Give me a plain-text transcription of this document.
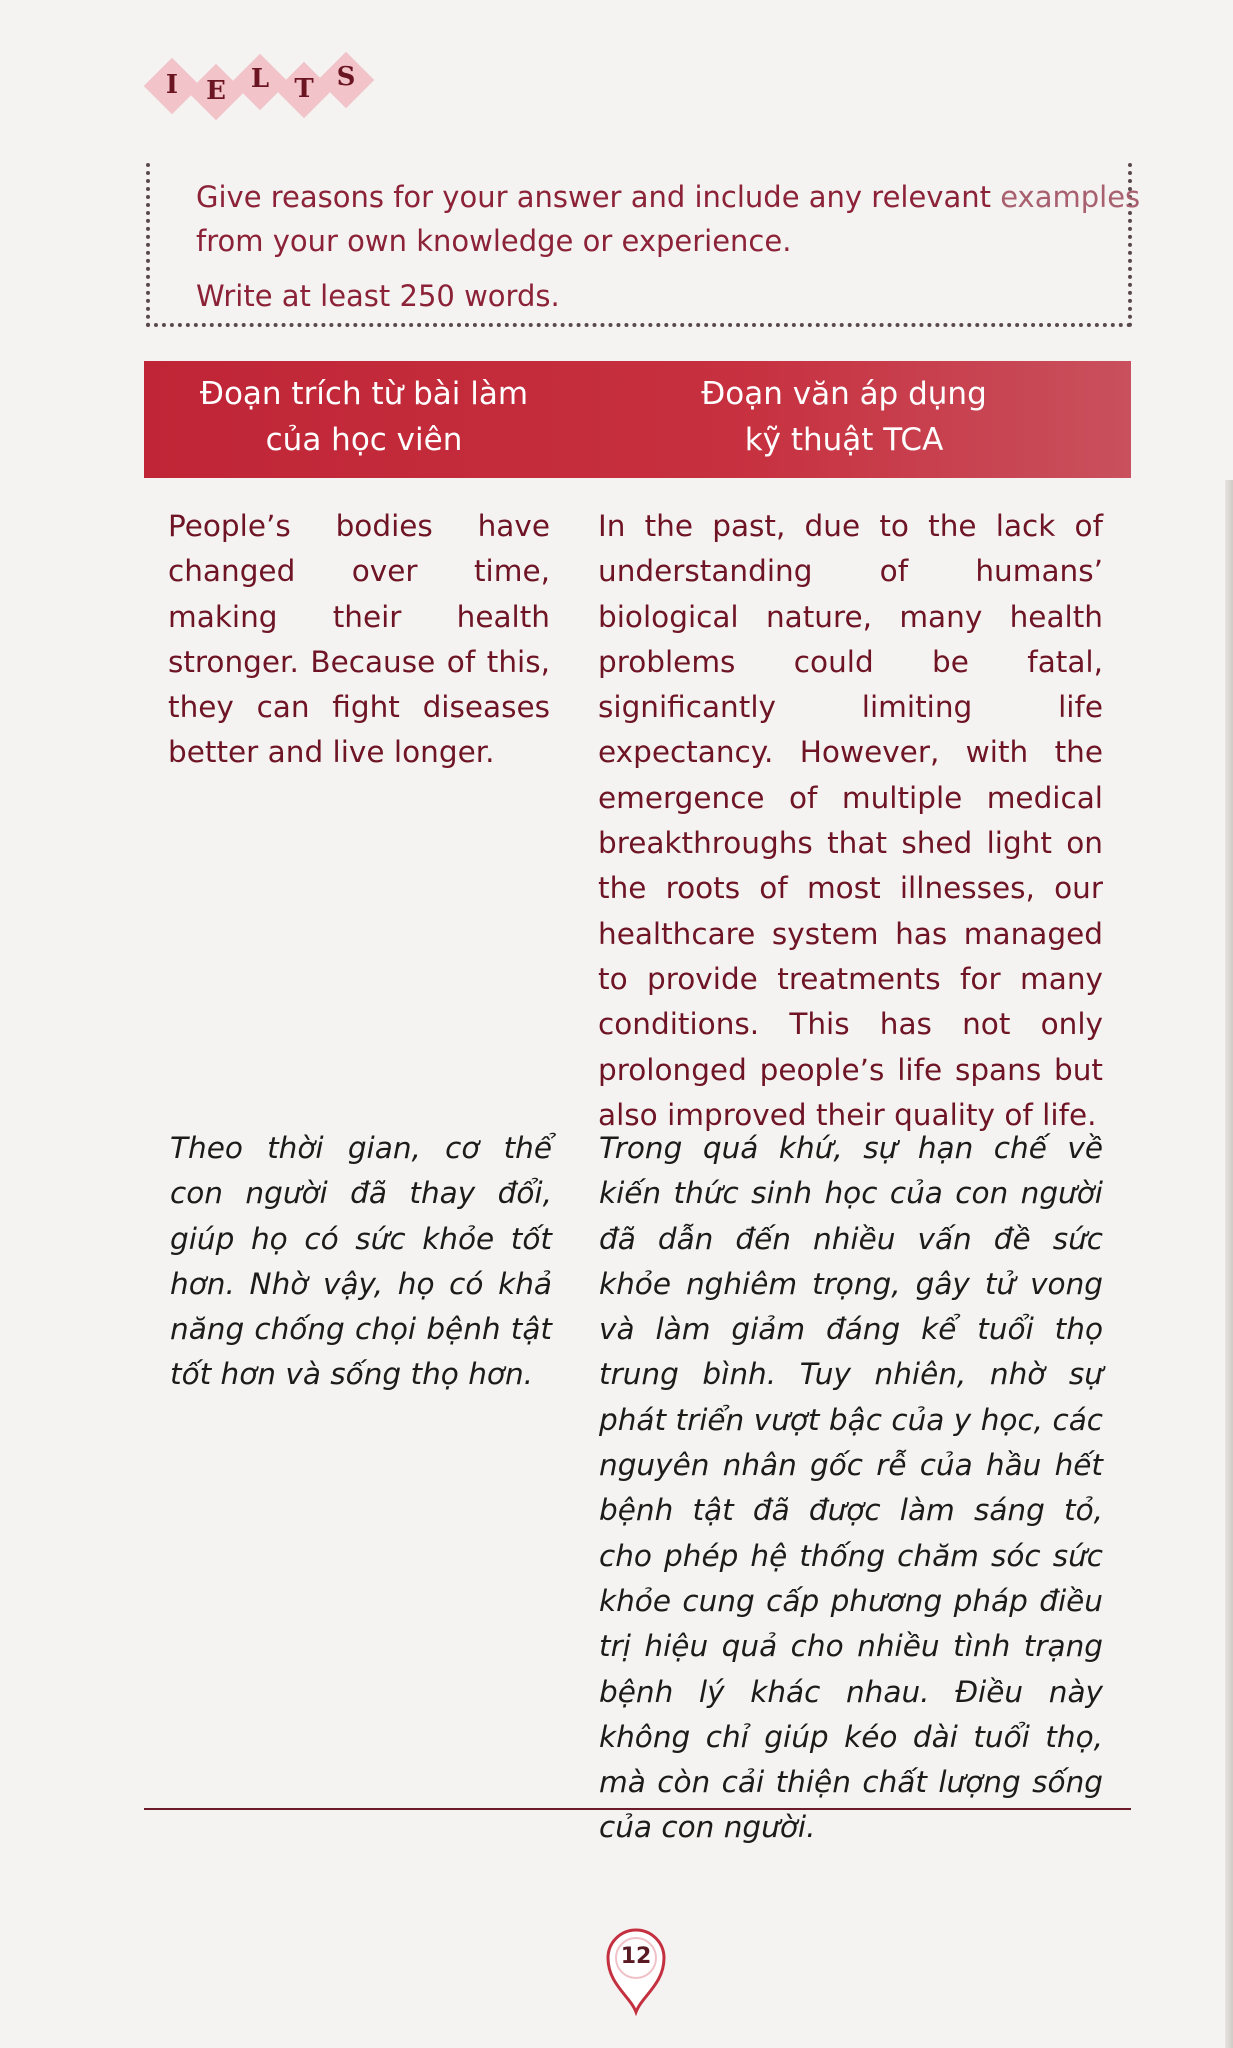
I	E L T S
Give reasons for your answer and include any relevant examples
from your own knowledge or experience.
Write at least 250 words.
Đoạn trích từ bài làm
của học viên
Đoạn văn áp dụng
kỹ thuật TCA
People’s bodies have changed over time, making their health stronger. Because of this, they can fight diseases better and live longer.
In the past, due to the lack of understanding of humans’ biological nature, many health problems could be fatal, significantly limiting life expectancy. However, with the emergence of multiple medical breakthroughs that shed light on the roots of most illnesses, our healthcare system has managed to provide treatments for many conditions. This has not only prolonged people’s life spans but also improved their quality of life.
Theo thời gian, cơ thể con người đã thay đổi, giúp họ có sức khỏe tốt hơn. Nhờ vậy, họ có khả năng chống chọi bệnh tật tốt hơn và sống thọ hơn.
Trong quá khứ, sự hạn chế về kiến thức sinh học của con người đã dẫn đến nhiều vấn đề sức khỏe nghiêm trọng, gây tử vong và làm giảm đáng kể tuổi thọ trung bình. Tuy nhiên, nhờ sự phát triển vượt bậc của y học, các nguyên nhân gốc rễ của hầu hết bệnh tật đã được làm sáng tỏ, cho phép hệ thống chăm sóc sức khỏe cung cấp phương pháp điều trị hiệu quả cho nhiều tình trạng bệnh lý khác nhau. Điều này không chỉ giúp kéo dài tuổi thọ, mà còn cải thiện chất lượng sống của con người.
12
